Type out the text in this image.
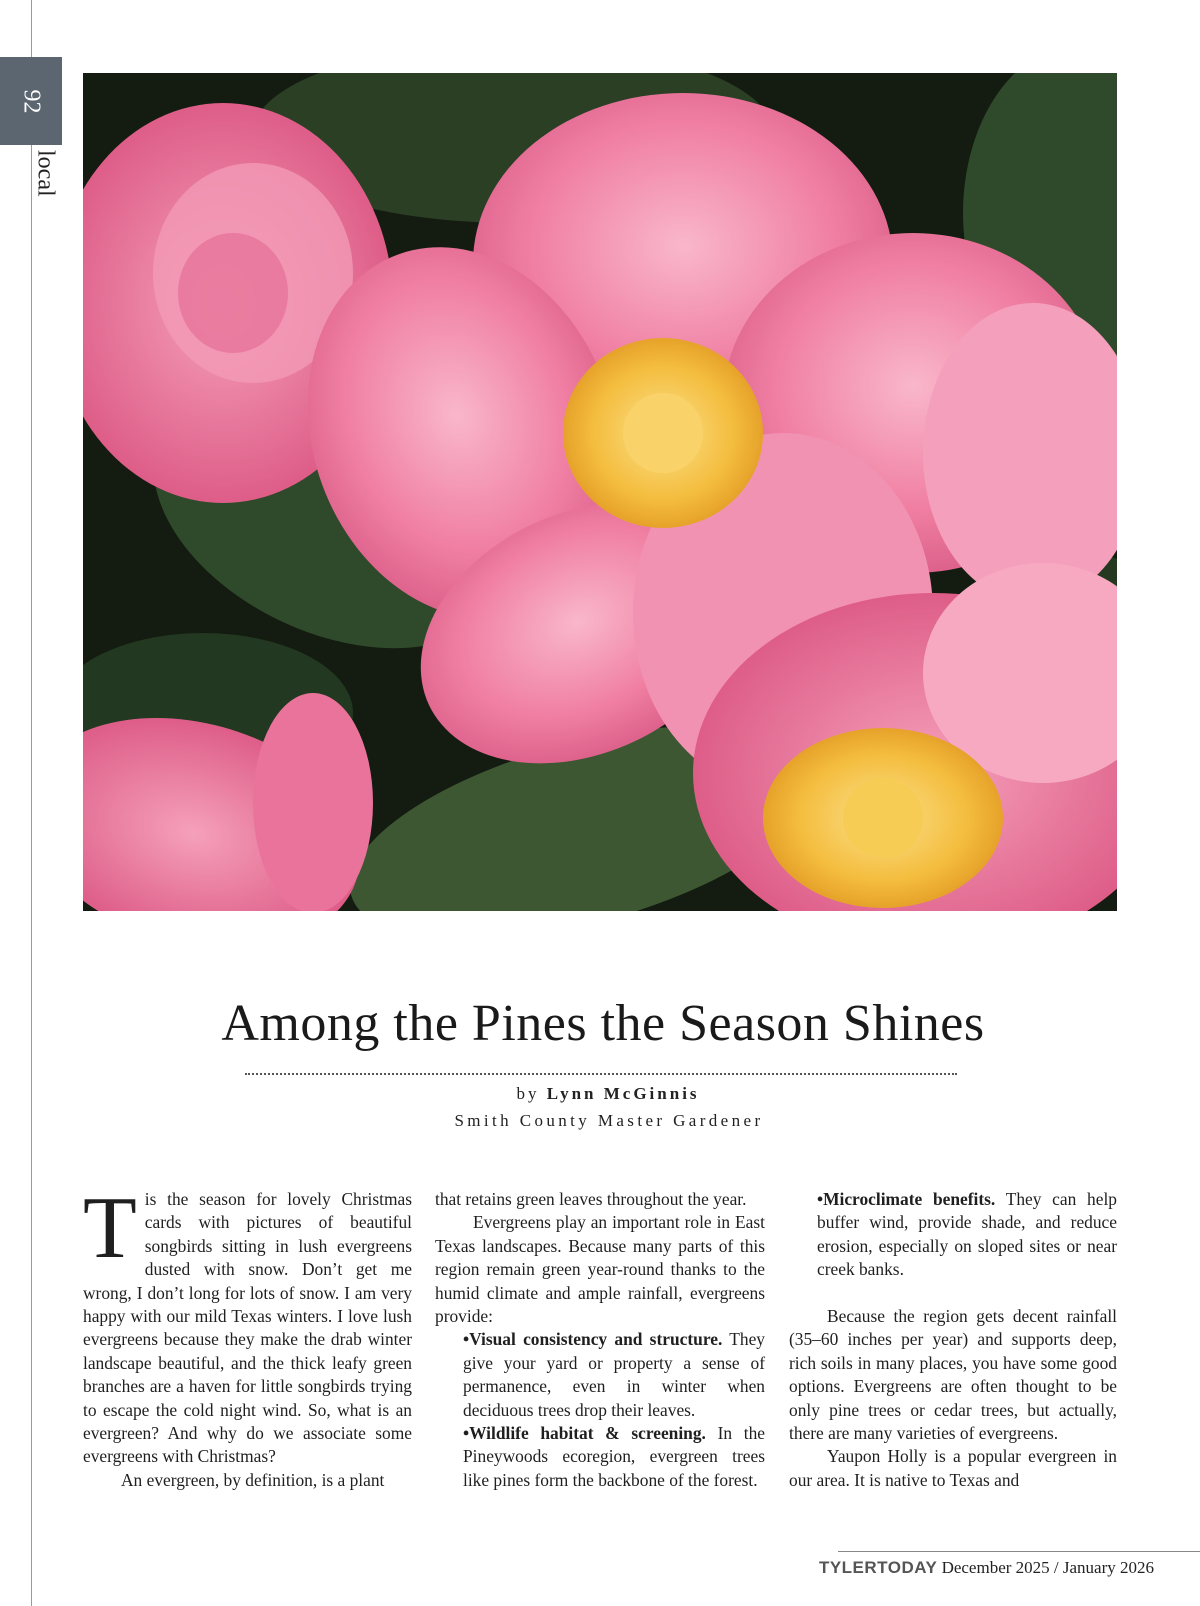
92
local
Among the Pines the Season Shines
by Lynn McGinnis
Smith County Master Gardener

Tis the season for lovely Christmas cards with pictures of beautiful songbirds sitting in lush evergreens dusted with snow. Don’t get me wrong, I don’t long for lots of snow. I am very happy with our mild Texas winters. I love lush evergreens because they make the drab winter landscape beautiful, and the thick leafy green branches are a haven for little songbirds trying to escape the cold night wind. So, what is an evergreen? And why do we associate some evergreens with Christmas?

An evergreen, by definition, is a plant

that retains green leaves throughout the year.

Evergreens play an important role in East Texas landscapes. Because many parts of this region remain green year-round thanks to the humid climate and ample rainfall, evergreens provide:

•Visual consistency and structure. They give your yard or property a sense of permanence, even in winter when deciduous trees drop their leaves.

•Wildlife habitat & screening. In the Pineywoods ecoregion, evergreen trees like pines form the backbone of the forest.

•Microclimate benefits. They can help buffer wind, provide shade, and reduce erosion, especially on sloped sites or near creek banks.

Because the region gets decent rainfall (35–60 inches per year) and supports deep, rich soils in many places, you have some good options. Evergreens are often thought to be only pine trees or cedar trees, but actually, there are many varieties of evergreens.

Yaupon Holly is a popular evergreen in our area. It is native to Texas and

TYLERTODAY December 2025 / January 2026
